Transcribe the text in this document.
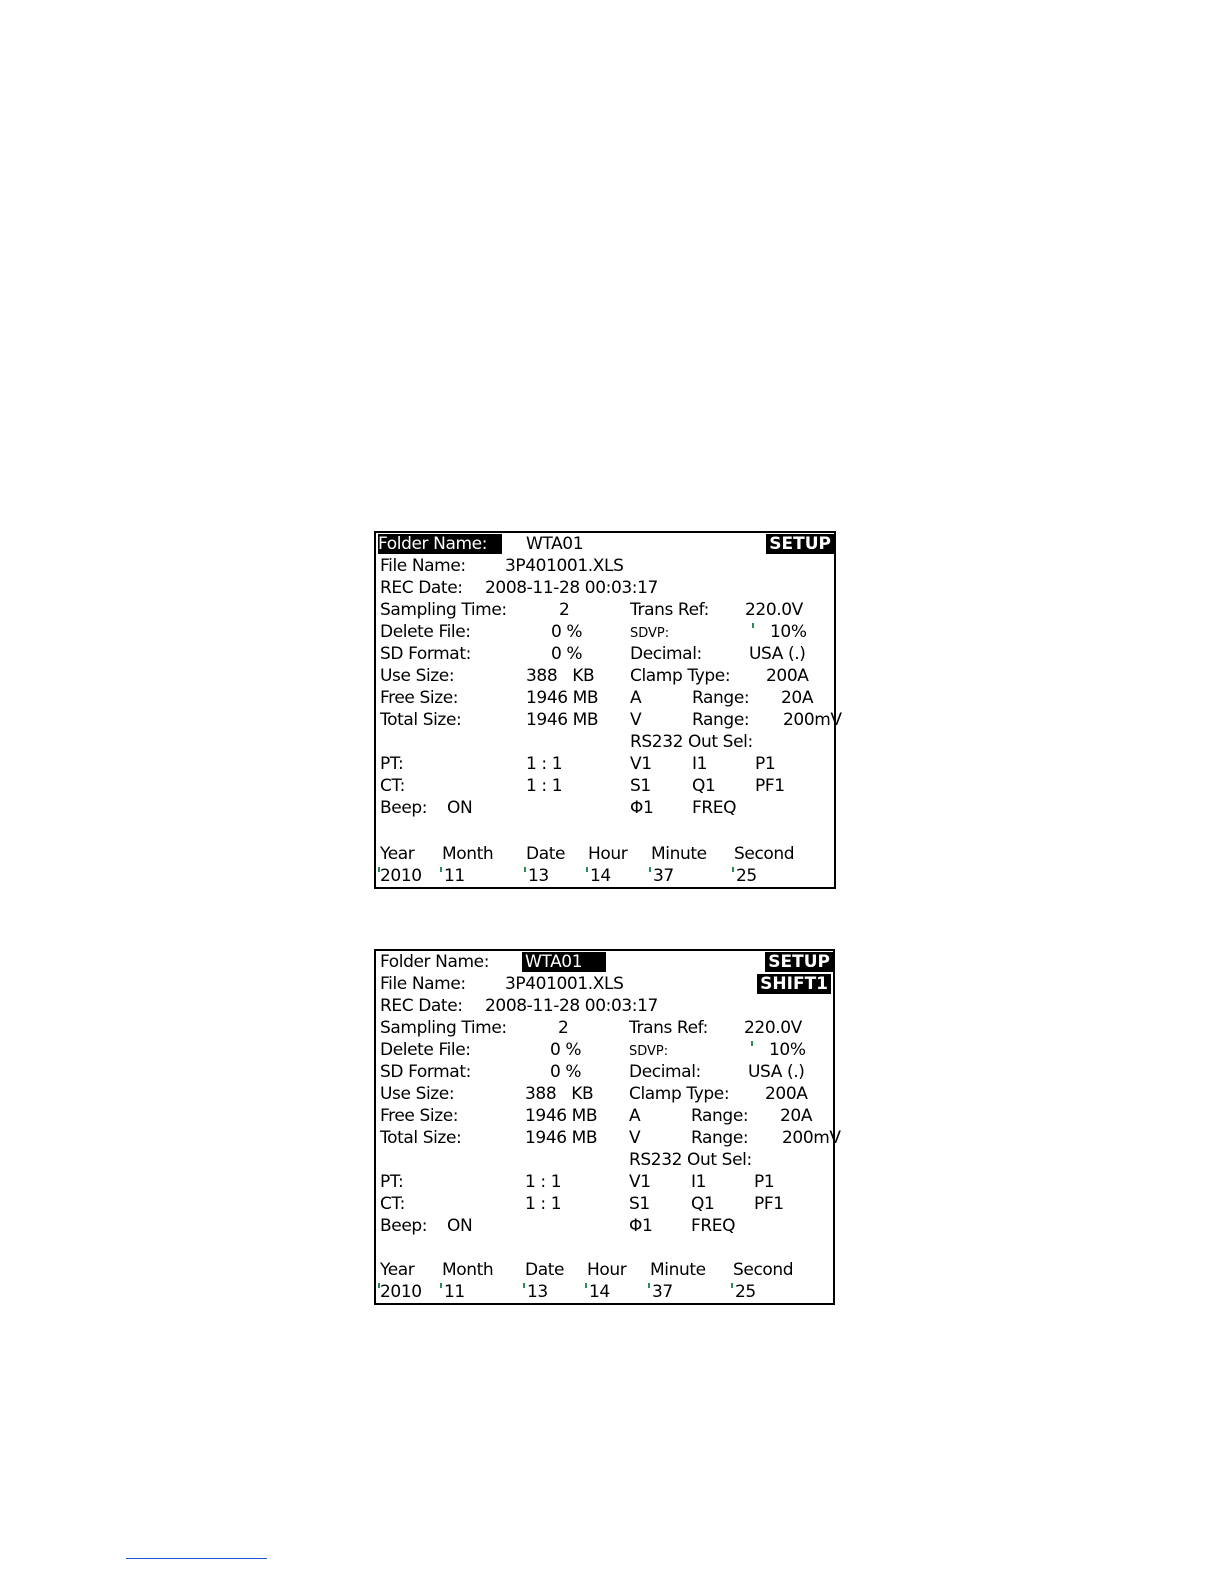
Folder Name:	WTA01	SETUP
File Name: 3P401001.XLS
REC Date: 2008-11-28 00:03:17
Sampling Time:	2	Trans Ref: 220.0V
Delete File:	0 %	SDVP:	10%
SD Format:	0 %	Decimal:	USA (.)
Use Size:	388   KB Clamp Type: 200A
Free Size:	1946 MB A	Range: 20A
Total Size:	1946 MB V	Range: 200mV
RS232 Out Sel:
PT:	1 : 1	V1 I1	P1
CT:	1 : 1	S1 Q1 PF1
Beep: ON	Φ1 FREQ
Year Month Date Hour Minute Second
2010 11	13 14 37	25
Folder Name: WTA01	SETUP
SHIFT1
File Name: 3P401001.XLS
REC Date: 2008-11-28 00:03:17
Sampling Time:	2	Trans Ref: 220.0V
Delete File:	0 %	SDVP:	10%
SD Format:	0 %	Decimal:	USA (.)
Use Size:	388   KB Clamp Type: 200A
Free Size:	1946 MB A	Range: 20A
Total Size:	1946 MB V	Range: 200mV
RS232 Out Sel:
PT:	1 : 1	V1 I1	P1
CT:	1 : 1	S1 Q1 PF1
Beep: ON	Φ1 FREQ
Year Month Date Hour Minute Second
2010 11	13 14 37	25
